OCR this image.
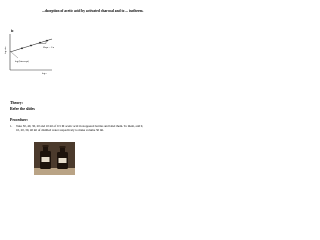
...dsorption of acetic acid by activated charcoal and to ... isotherm.
b
log x/m
log c
Slope = 1/n
log (Intercept)
Theory:
Refer the slides
Procedure:
1. Take 50, 40, 30, 20 and 10 ml of 0.5 M acetic acid in stoppered bottles and label them. To them, add 0, 10, 20, 30, 40 ml of distilled water respectively to make volume 50 ml.
